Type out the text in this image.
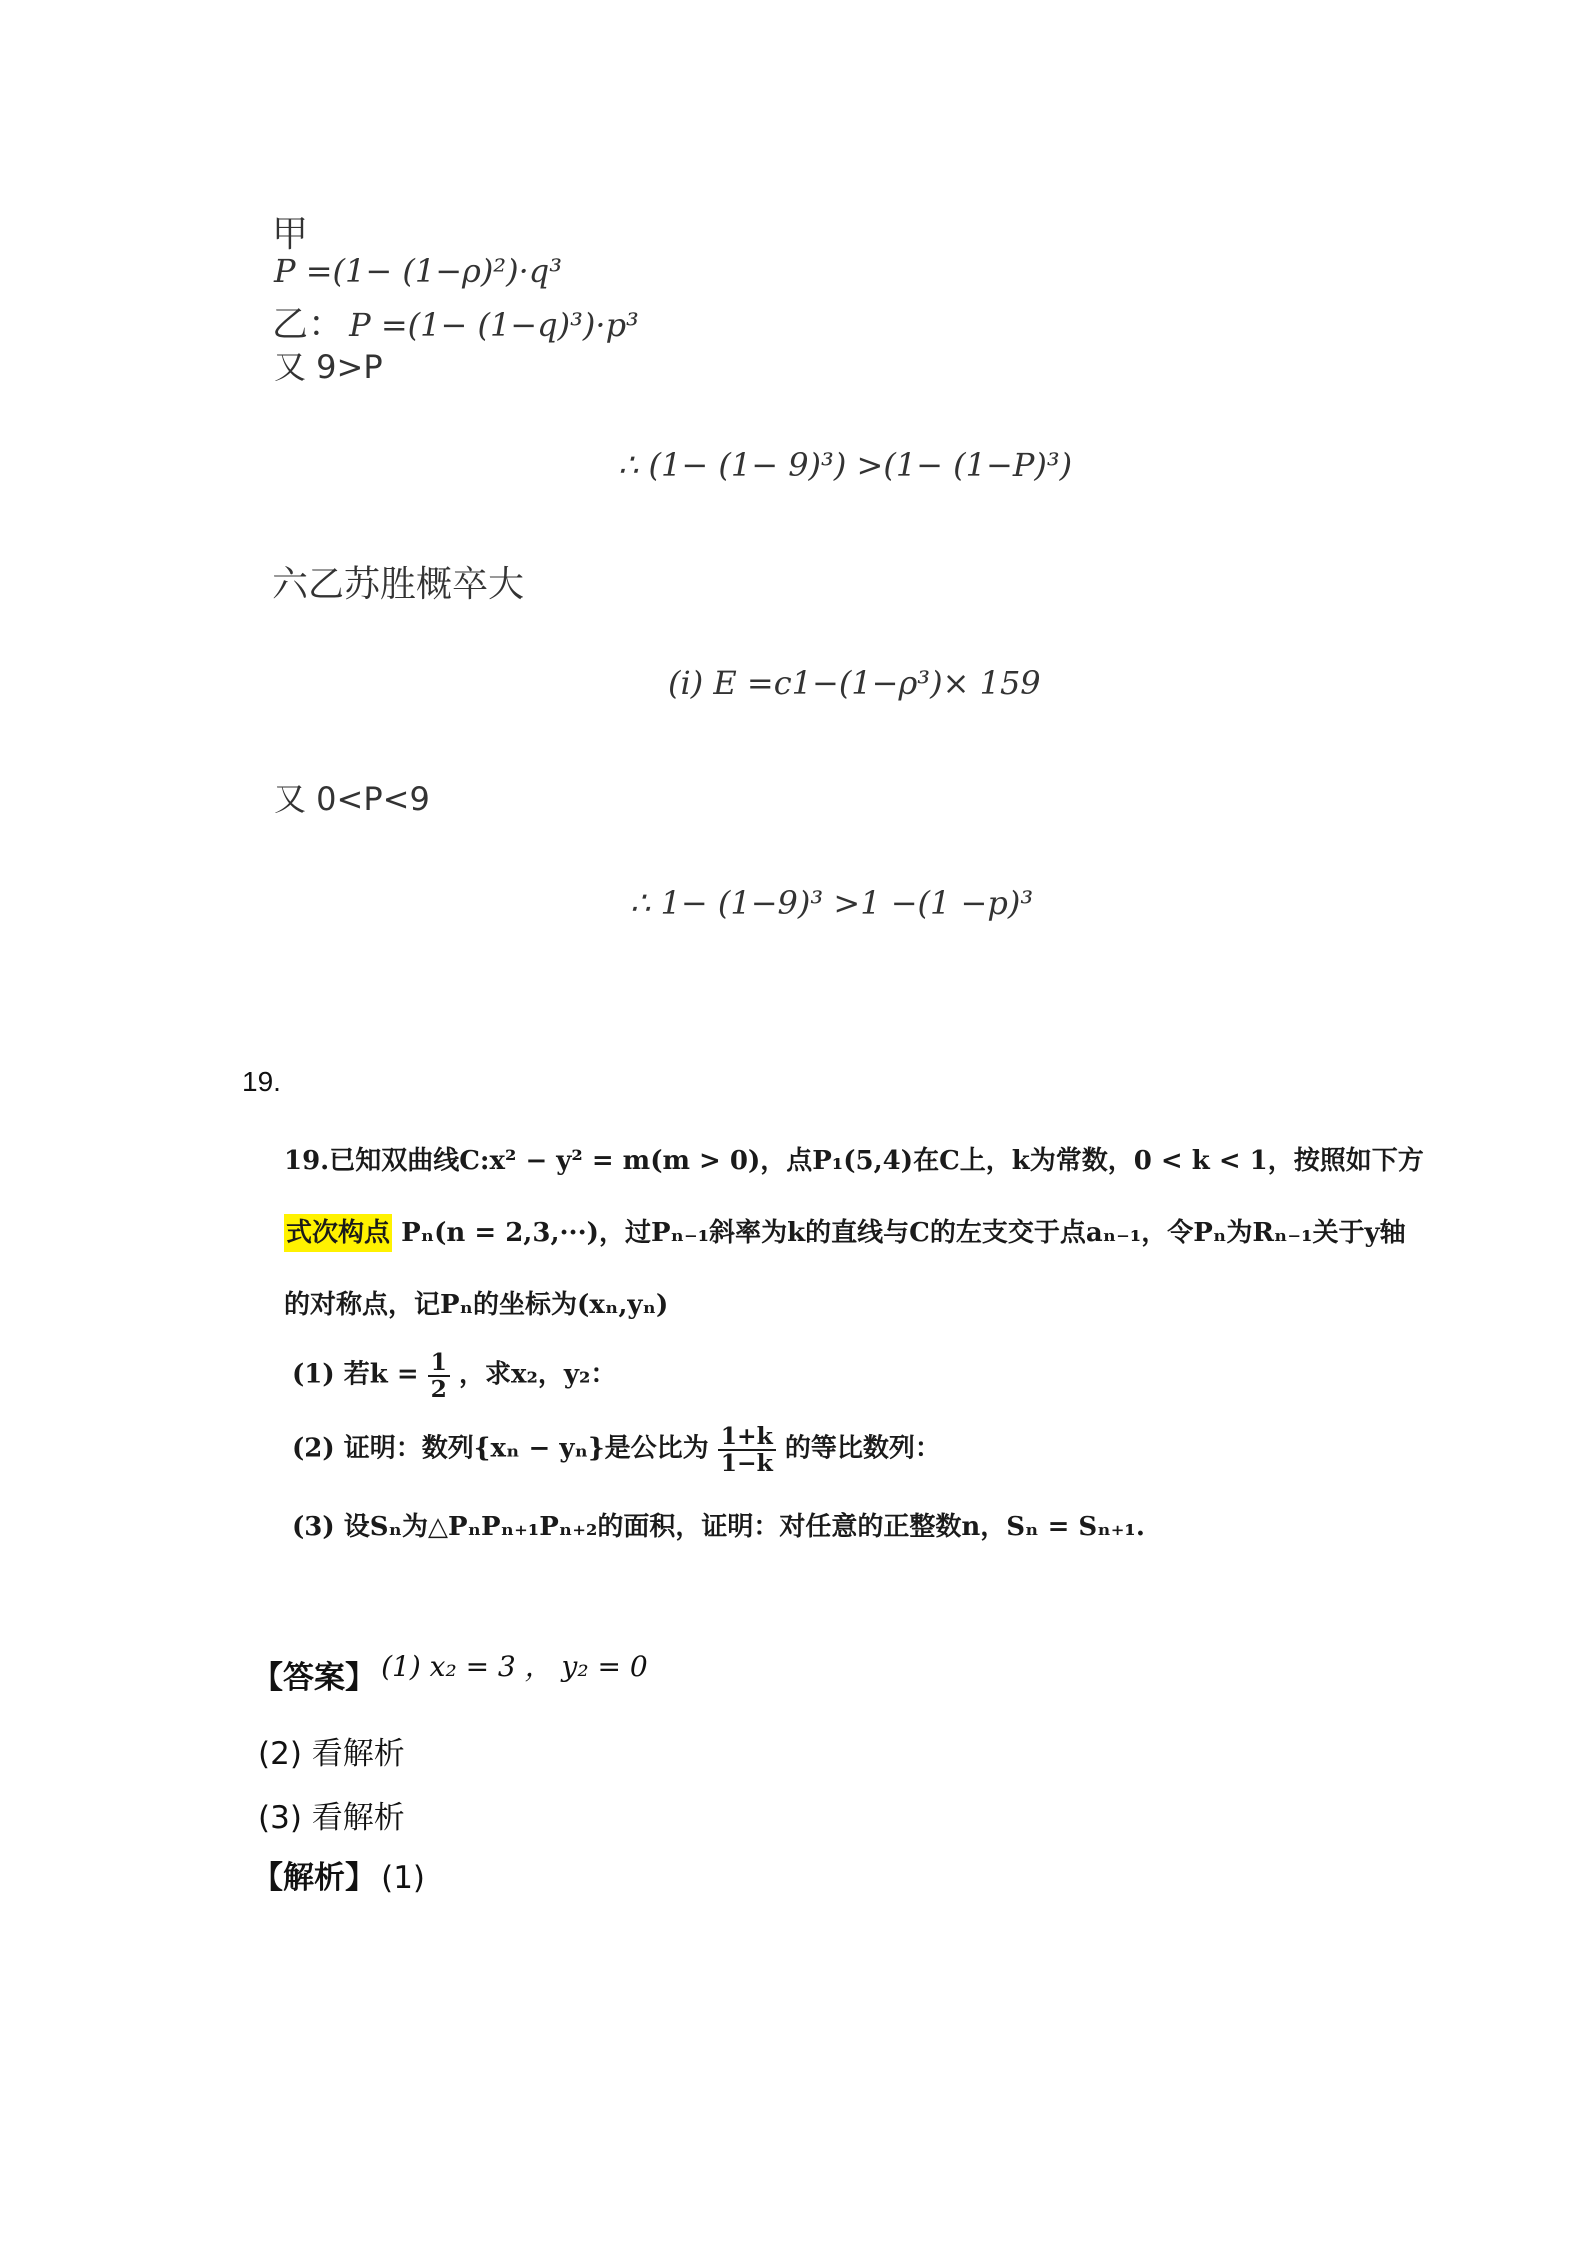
甲
P =(1− (1−ρ)²)·q³
乙： P =(1− (1−q)³)·p³
又 9>P
∴ (1− (1− 9)³) >(1− (1−P)³)
六乙苏胜概卒大
(i) E =c1−(1−ρ³)× 159
又 0<P<9
∴ 1− (1−9)³ >1 −(1 −p)³
19.
19.已知双曲线C:x² − y² = m(m > 0)，点P₁(5,4)在C上，k为常数，0 < k < 1，按照如下方
式次构点 Pₙ(n = 2,3,···)，过Pₙ₋₁斜率为k的直线与C的左支交于点aₙ₋₁，令Pₙ为Rₙ₋₁关于y轴
的对称点，记Pₙ的坐标为(xₙ,yₙ)
(1) 若$k = \frac{1}{2}$ ，求x₂，y₂：
(2) 证明：数列{xₙ − yₙ}是公比为 $\frac{1+k}{1-k}$ 的等比数列：
(3) 设Sₙ为△PₙPₙ₊₁Pₙ₊₂的面积，证明：对任意的正整数n，Sₙ = Sₙ₊₁.
【答案】 (1) x₂ = 3 ， y₂ = 0
(2) 看解析
(3) 看解析
【解析】 (1)
